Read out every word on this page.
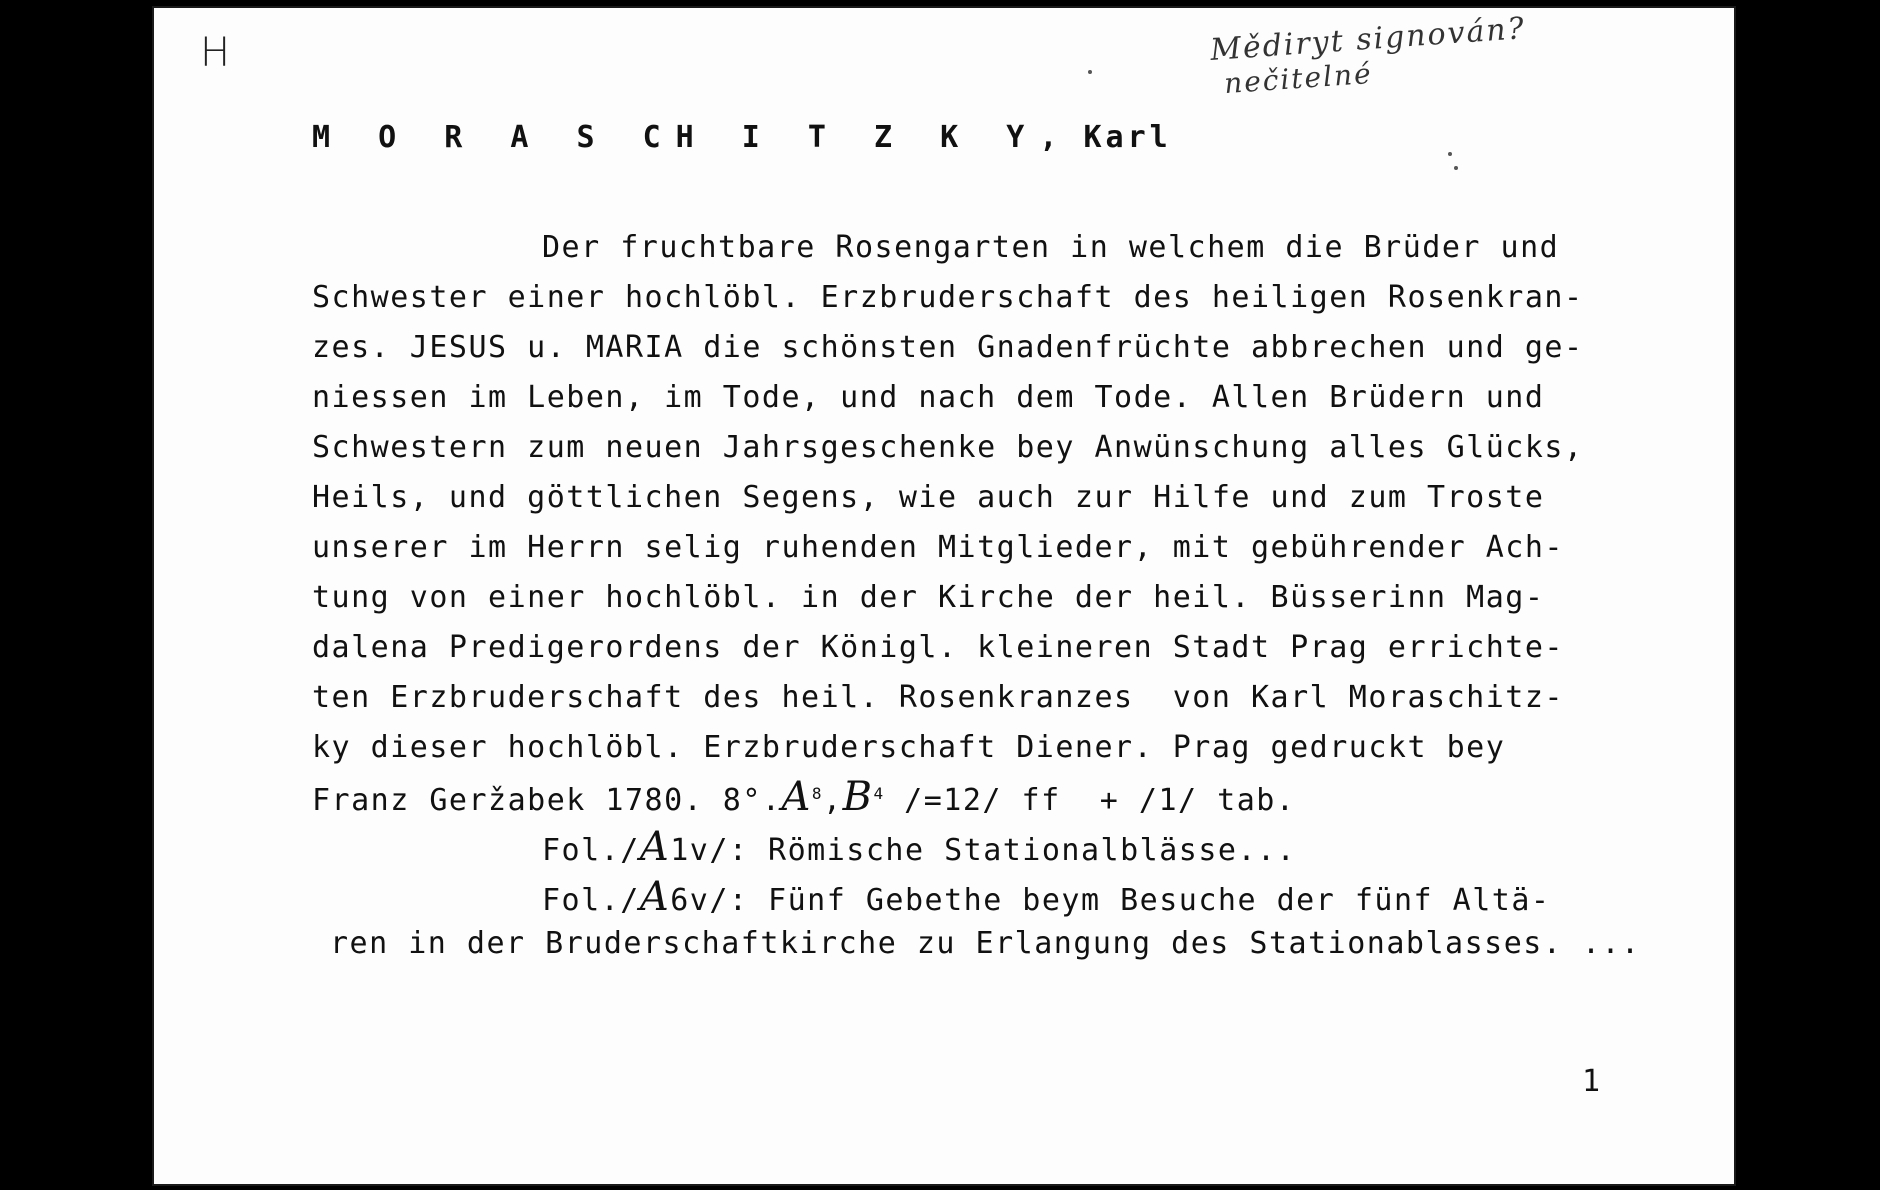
H	Mědiryt signován?
nečitelné
M O R A S CH I T Z K Y, Karl
Der fruchtbare Rosengarten in welchem die Brüder und
Schwester einer hochlöbl. Erzbruderschaft des heiligen Rosenkran-
zes. JESUS u. MARIA die schönsten Gnadenfrüchte abbrechen und ge-
niessen im Leben, im Tode, und nach dem Tode. Allen Brüdern und
Schwestern zum neuen Jahrsgeschenke bey Anwünschung alles Glücks,
Heils, und göttlichen Segens, wie auch zur Hilfe und zum Troste
unserer im Herrn selig ruhenden Mitglieder, mit gebührender Ach-
tung von einer hochlöbl. in der Kirche der heil. Büsserinn Mag-
dalena Predigerordens der Königl. kleineren Stadt Prag errichte-
ten Erzbruderschaft des heil. Rosenkranzes  von Karl Moraschitz-
ky dieser hochlöbl. Erzbruderschaft Diener. Prag gedruckt bey
Franz Geržabek 1780. $8^\circ.A^8,B^4$ /=12/ ff  + /1/ tab.
Fol./A1v/: Römische Stationalblässe...
Fol./A6v/: Fünf Gebethe beym Besuche der fünf Altä-
ren in der Bruderschaftkirche zu Erlangung des Stationablasses. ...
1
